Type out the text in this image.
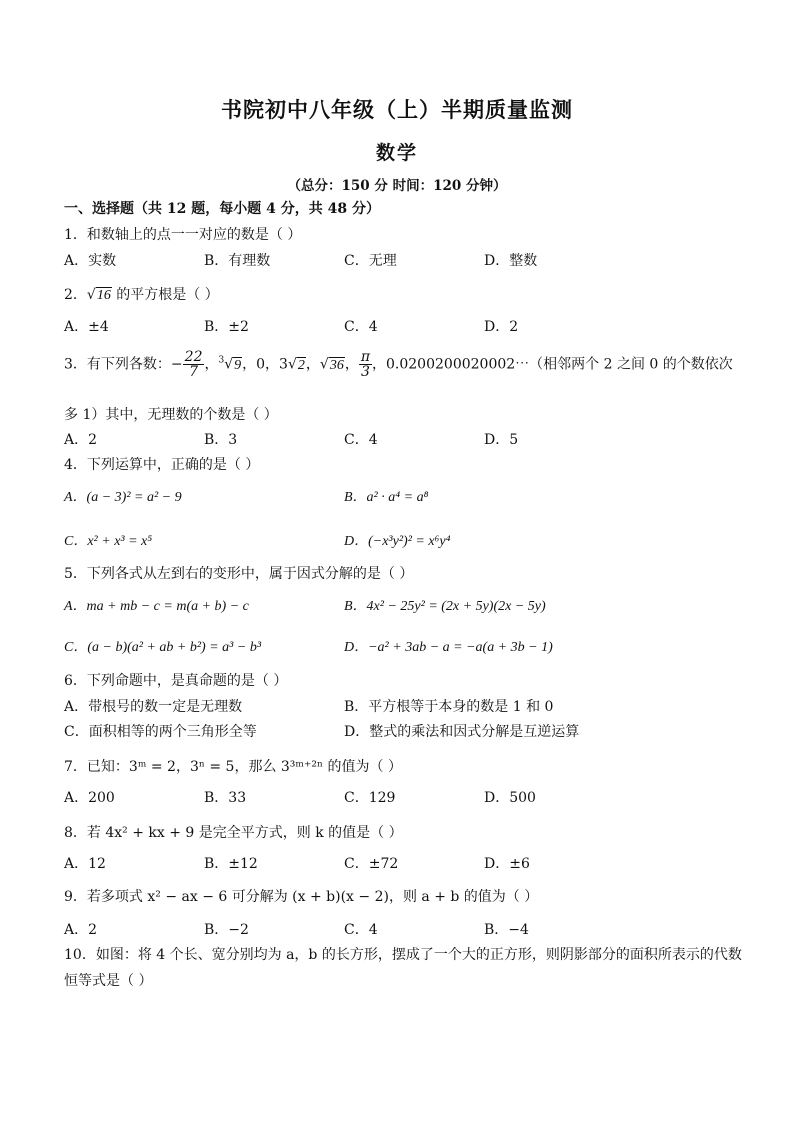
书院初中八年级（上）半期质量监测
数学
（总分：150 分 时间：120 分钟）
一、选择题（共 12 题，每小题 4 分，共 48 分）
1．和数轴上的点一一对应的数是（ ）
A．实数	B．有理数	C．无理	D．整数
2．√16 的平方根是（ ）
A．±4	B．±2	C．4	D．2
3．有下列各数：− $\frac{22}{7}$ ，$^3$√9，0，3√2，√36， $\frac{\pi}{3}$ ，0.0200200020002⋯（相邻两个 2 之间 0 的个数依次
多 1）其中，无理数的个数是（ ）
A．2	B．3	C．4	D．5
4．下列运算中，正确的是（ ）
A．(a − 3)² = a² − 9	B．a² · a⁴ = a⁸
C．x² + x³ = x⁵	D．(−x³y²)² = x⁶y⁴
5．下列各式从左到右的变形中，属于因式分解的是（ ）
A．ma + mb − c = m(a + b) − c	B．4x² − 25y² = (2x + 5y)(2x − 5y)
C．(a − b)(a² + ab + b²) = a³ − b³	D．−a² + 3ab − a = −a(a + 3b − 1)
6．下列命题中，是真命题的是（ ）
A．带根号的数一定是无理数	B．平方根等于本身的数是 1 和 0
C．面积相等的两个三角形全等	D．整式的乘法和因式分解是互逆运算
7．已知：3ᵐ = 2，3ⁿ = 5，那么 3³ᵐ⁺²ⁿ 的值为（ ）
A．200	B．33	C．129	D．500
8．若 4x² + kx + 9 是完全平方式，则 k 的值是（ ）
A．12	B．±12	C．±72	D．±6
9．若多项式 x² − ax − 6 可分解为 (x + b)(x − 2)，则 a + b 的值为（ ）
A．2	B．−2	C．4	B．−4
10．如图：将 4 个长、宽分别均为 a，b 的长方形，摆成了一个大的正方形，则阴影部分的面积所表示的代数
恒等式是（ ）
